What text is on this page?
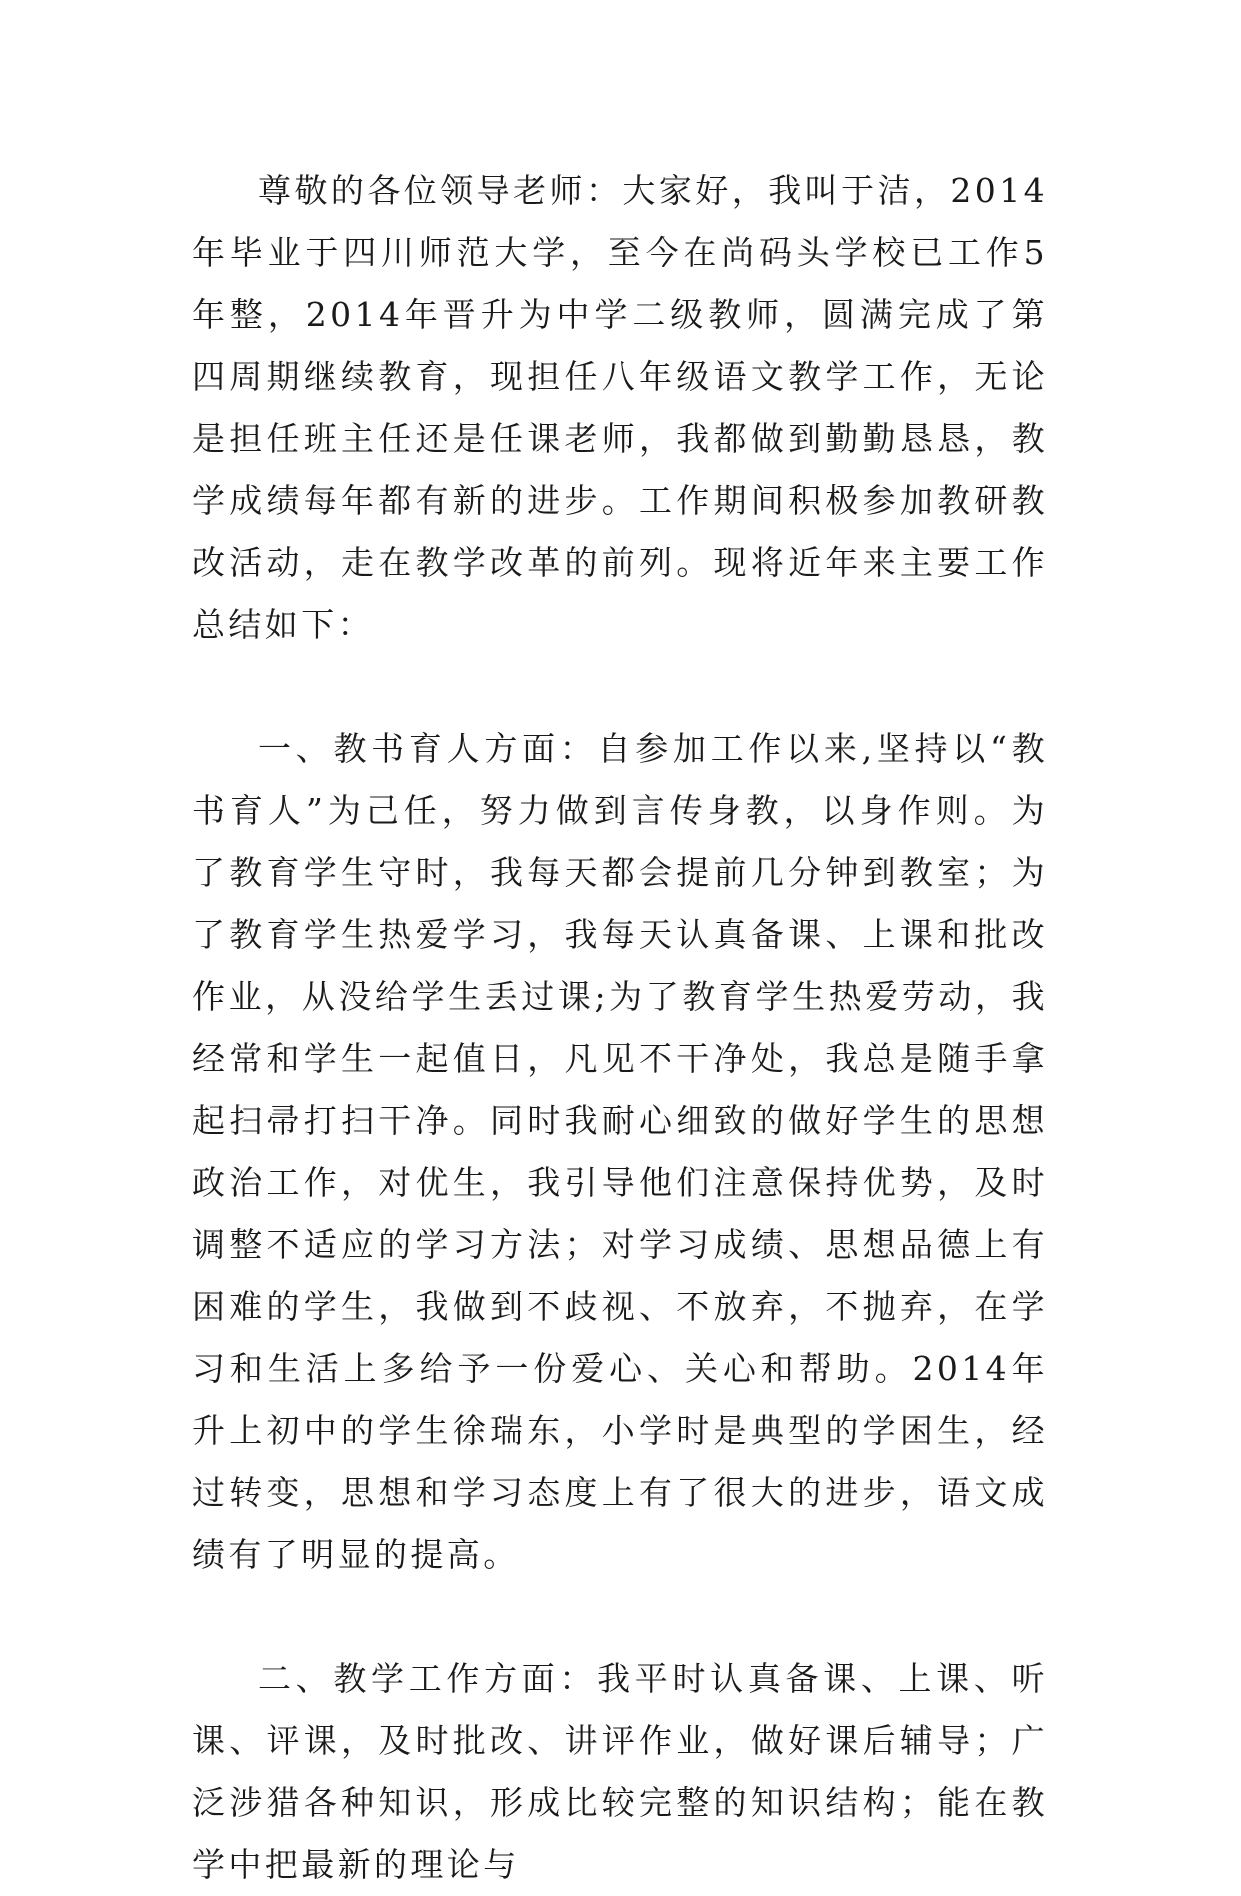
尊敬的各位领导老师：大家好，我叫于洁，2014年毕业于四川师范大学，至今在尚码头学校已工作5年整，2014年晋升为中学二级教师，圆满完成了第四周期继续教育，现担任八年级语文教学工作，无论是担任班主任还是任课老师，我都做到勤勤恳恳，教学成绩每年都有新的进步。工作期间积极参加教研教改活动，走在教学改革的前列。现将近年来主要工作总结如下：

一、教书育人方面：自参加工作以来,坚持以“教书育人”为己任，努力做到言传身教，以身作则。为了教育学生守时，我每天都会提前几分钟到教室；为了教育学生热爱学习，我每天认真备课、上课和批改作业，从没给学生丢过课;为了教育学生热爱劳动，我经常和学生一起值日，凡见不干净处，我总是随手拿起扫帚打扫干净。同时我耐心细致的做好学生的思想政治工作，对优生，我引导他们注意保持优势，及时调整不适应的学习方法；对学习成绩、思想品德上有困难的学生，我做到不歧视、不放弃，不抛弃，在学习和生活上多给予一份爱心、关心和帮助。2014年升上初中的学生徐瑞东，小学时是典型的学困生，经过转变，思想和学习态度上有了很大的进步，语文成绩有了明显的提高。

二、教学工作方面：我平时认真备课、上课、听课、评课，及时批改、讲评作业，做好课后辅导；广泛涉猎各种知识，形成比较完整的知识结构；能在教学中把最新的理论与
